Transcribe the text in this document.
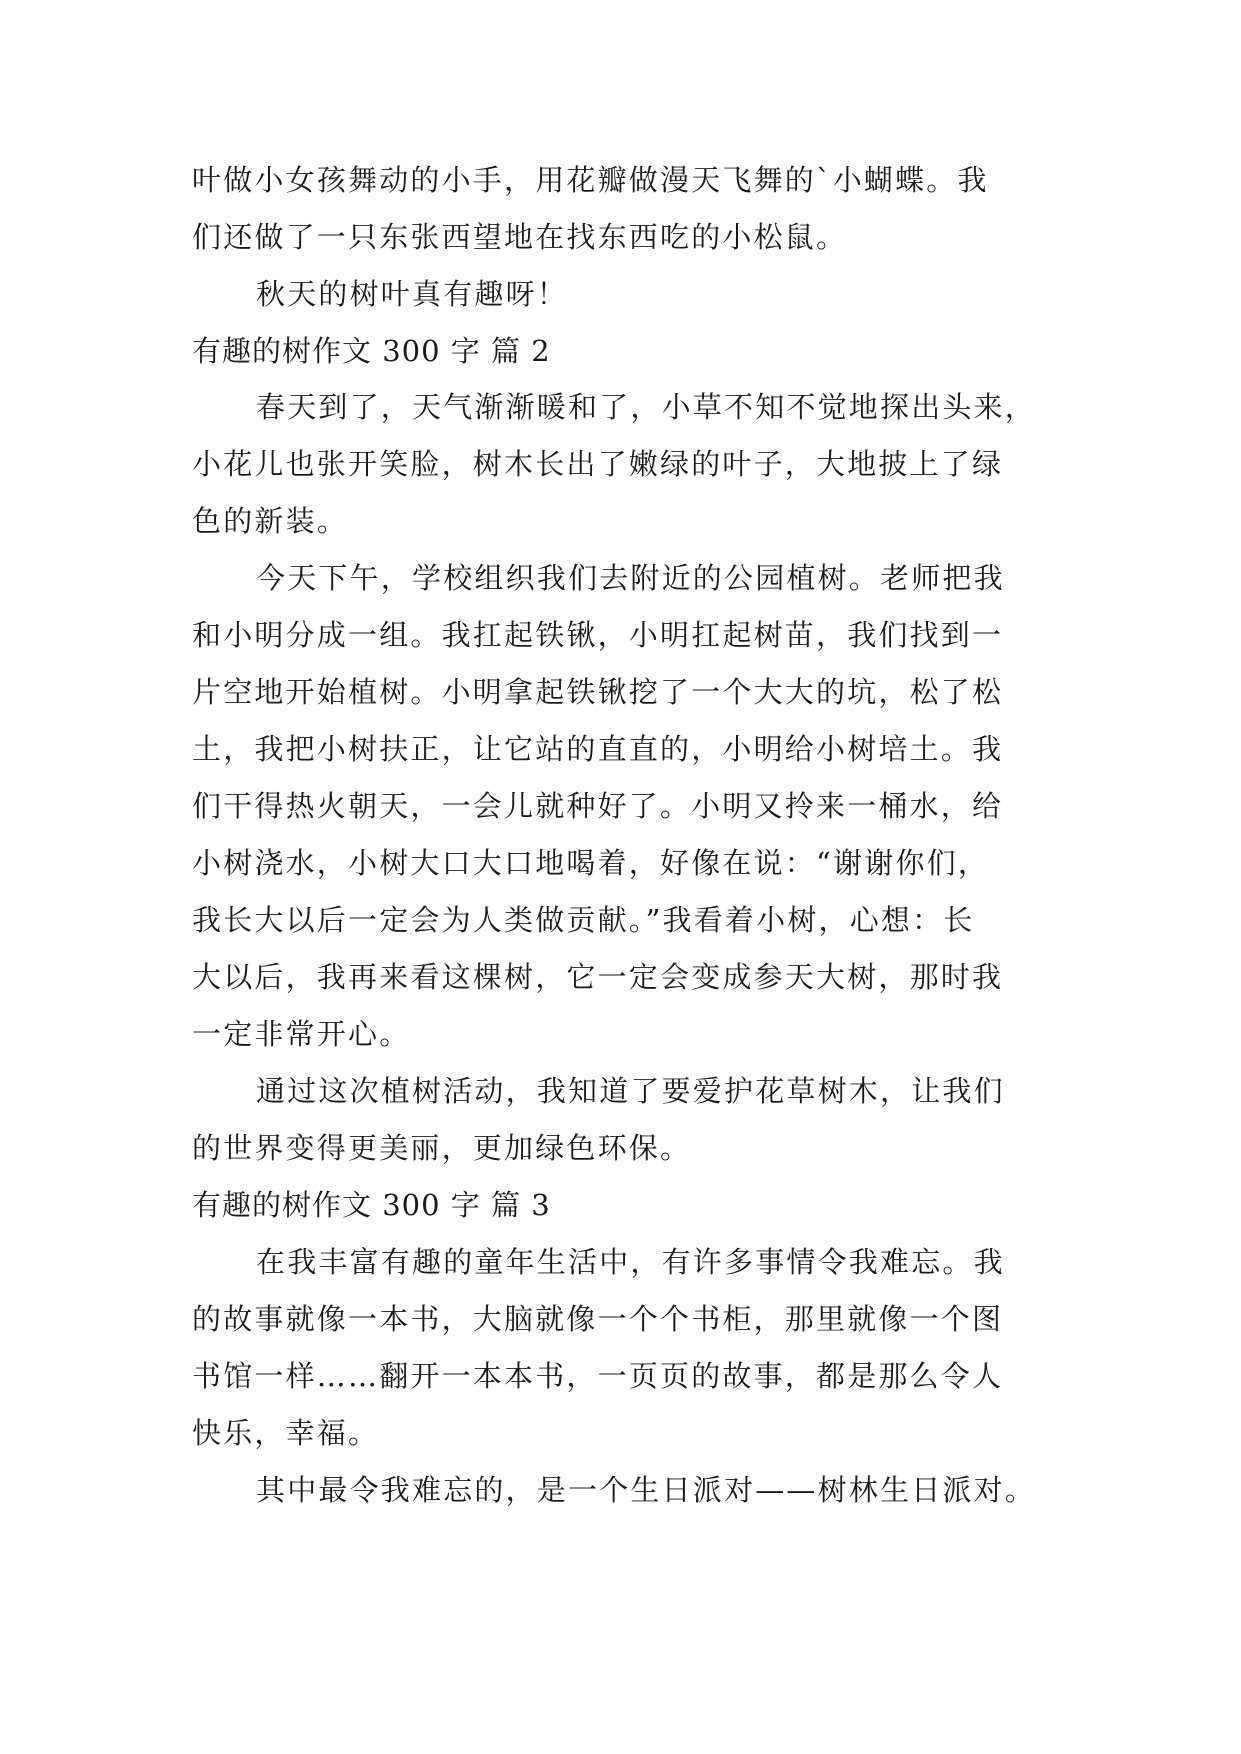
叶做小女孩舞动的小手，用花瓣做漫天飞舞的`小蝴蝶。我
们还做了一只东张西望地在找东西吃的小松鼠。
秋天的树叶真有趣呀！
有趣的树作文 300 字 篇 2
春天到了，天气渐渐暖和了，小草不知不觉地探出头来，
小花儿也张开笑脸，树木长出了嫩绿的叶子，大地披上了绿
色的新装。
今天下午，学校组织我们去附近的公园植树。老师把我
和小明分成一组。我扛起铁锹，小明扛起树苗，我们找到一
片空地开始植树。小明拿起铁锹挖了一个大大的坑，松了松
土，我把小树扶正，让它站的直直的，小明给小树培土。我
们干得热火朝天，一会儿就种好了。小明又拎来一桶水，给
小树浇水，小树大口大口地喝着，好像在说：“谢谢你们，
我长大以后一定会为人类做贡献。”我看着小树，心想：长
大以后，我再来看这棵树，它一定会变成参天大树，那时我
一定非常开心。
通过这次植树活动，我知道了要爱护花草树木，让我们
的世界变得更美丽，更加绿色环保。
有趣的树作文 300 字 篇 3
在我丰富有趣的童年生活中，有许多事情令我难忘。我
的故事就像一本书，大脑就像一个个书柜，那里就像一个图
书馆一样……翻开一本本书，一页页的故事，都是那么令人
快乐，幸福。
其中最令我难忘的，是一个生日派对——树林生日派对。
